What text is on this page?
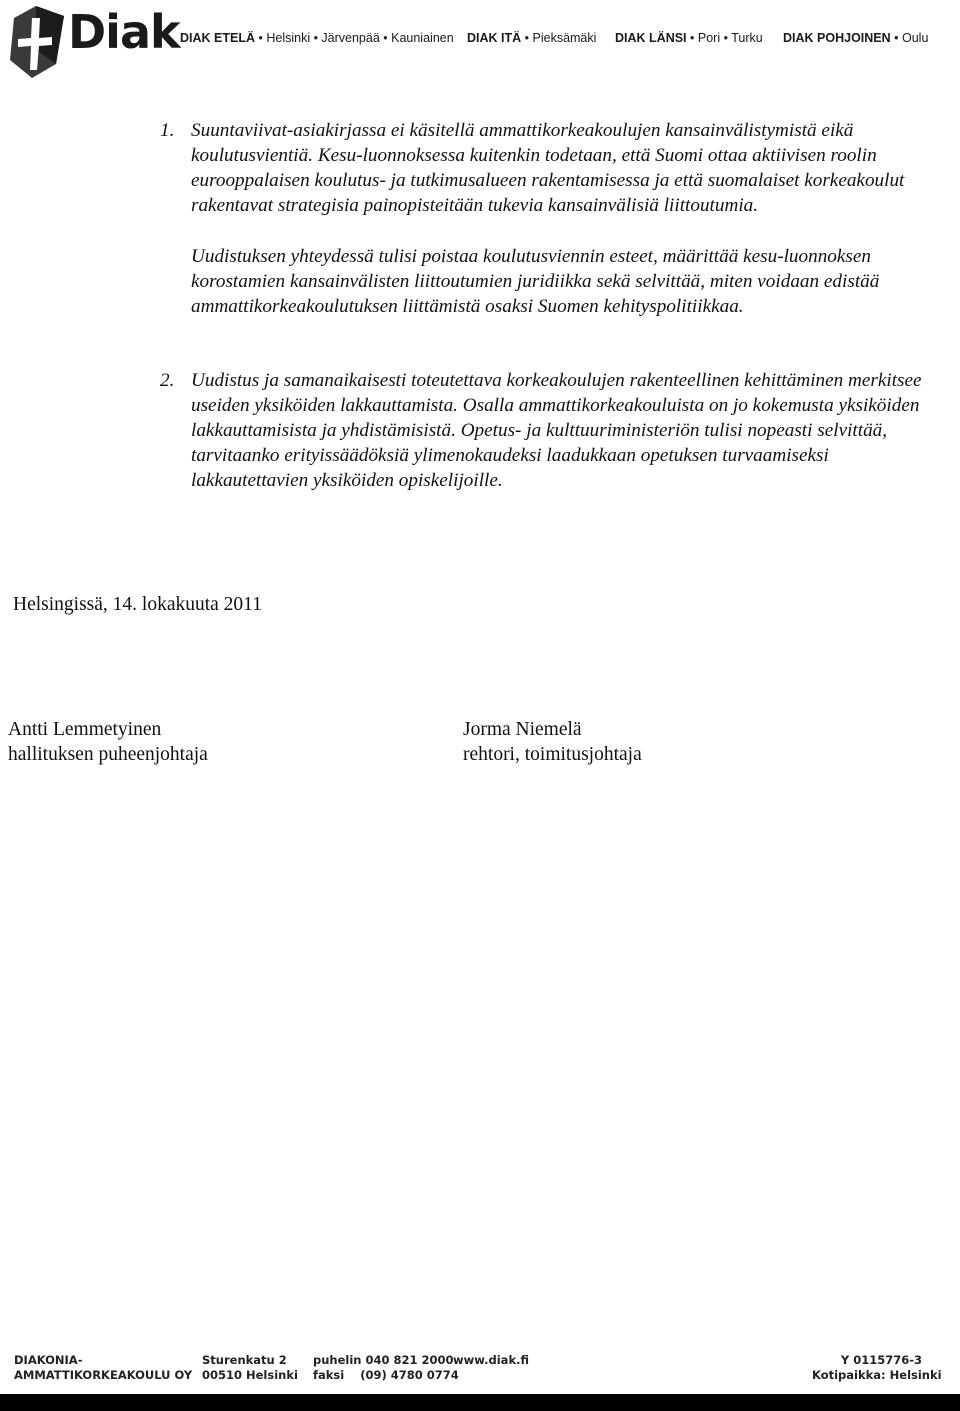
Diak DIAK ETELÄ • Helsinki • Järvenpää • Kauniainen DIAK ITÄ • Pieksämäki DIAK LÄNSI • Pori • Turku DIAK POHJOINEN • Oulu
1. Suuntaviivat-asiakirjassa ei käsitellä ammattikorkeakoulujen kansainvälistymistä eikä koulutusvientiä. Kesu-luonnoksessa kuitenkin todetaan, että Suomi ottaa aktiivisen roolin eurooppalaisen koulutus- ja tutkimusalueen rakentamisessa ja että suomalaiset korkeakoulut rakentavat strategisia painopisteitään tukevia kansainvälisiä liittoutumia.
Uudistuksen yhteydessä tulisi poistaa koulutusviennin esteet, määrittää kesu-luonnoksen korostamien kansainvälisten liittoutumien juridiikka sekä selvittää, miten voidaan edistää ammattikorkeakoulutuksen liittämistä osaksi Suomen kehityspolitiikkaa.
2. Uudistus ja samanaikaisesti toteutettava korkeakoulujen rakenteellinen kehittäminen merkitsee useiden yksiköiden lakkauttamista. Osalla ammattikorkeakouluista on jo kokemusta yksiköiden lakkauttamisista ja yhdistämisistä. Opetus- ja kulttuuriministeriön tulisi nopeasti selvittää, tarvitaanko erityissäädöksiä ylimenokaudeksi laadukkaan opetuksen turvaamiseksi lakkautettavien yksiköiden opiskelijoille.
Helsingissä, 14. lokakuuta 2011
Antti Lemmetyinen
hallituksen puheenjohtaja
Jorma Niemelä
rehtori, toimitusjohtaja
DIAKONIA-
AMMATTIKORKEAKOULU OY
Sturenkatu 2
00510 Helsinki
puhelin 040 821 2000
faksi    (09) 4780 0774
www.diak.fi	Y 0115776-3
Kotipaikka: Helsinki
